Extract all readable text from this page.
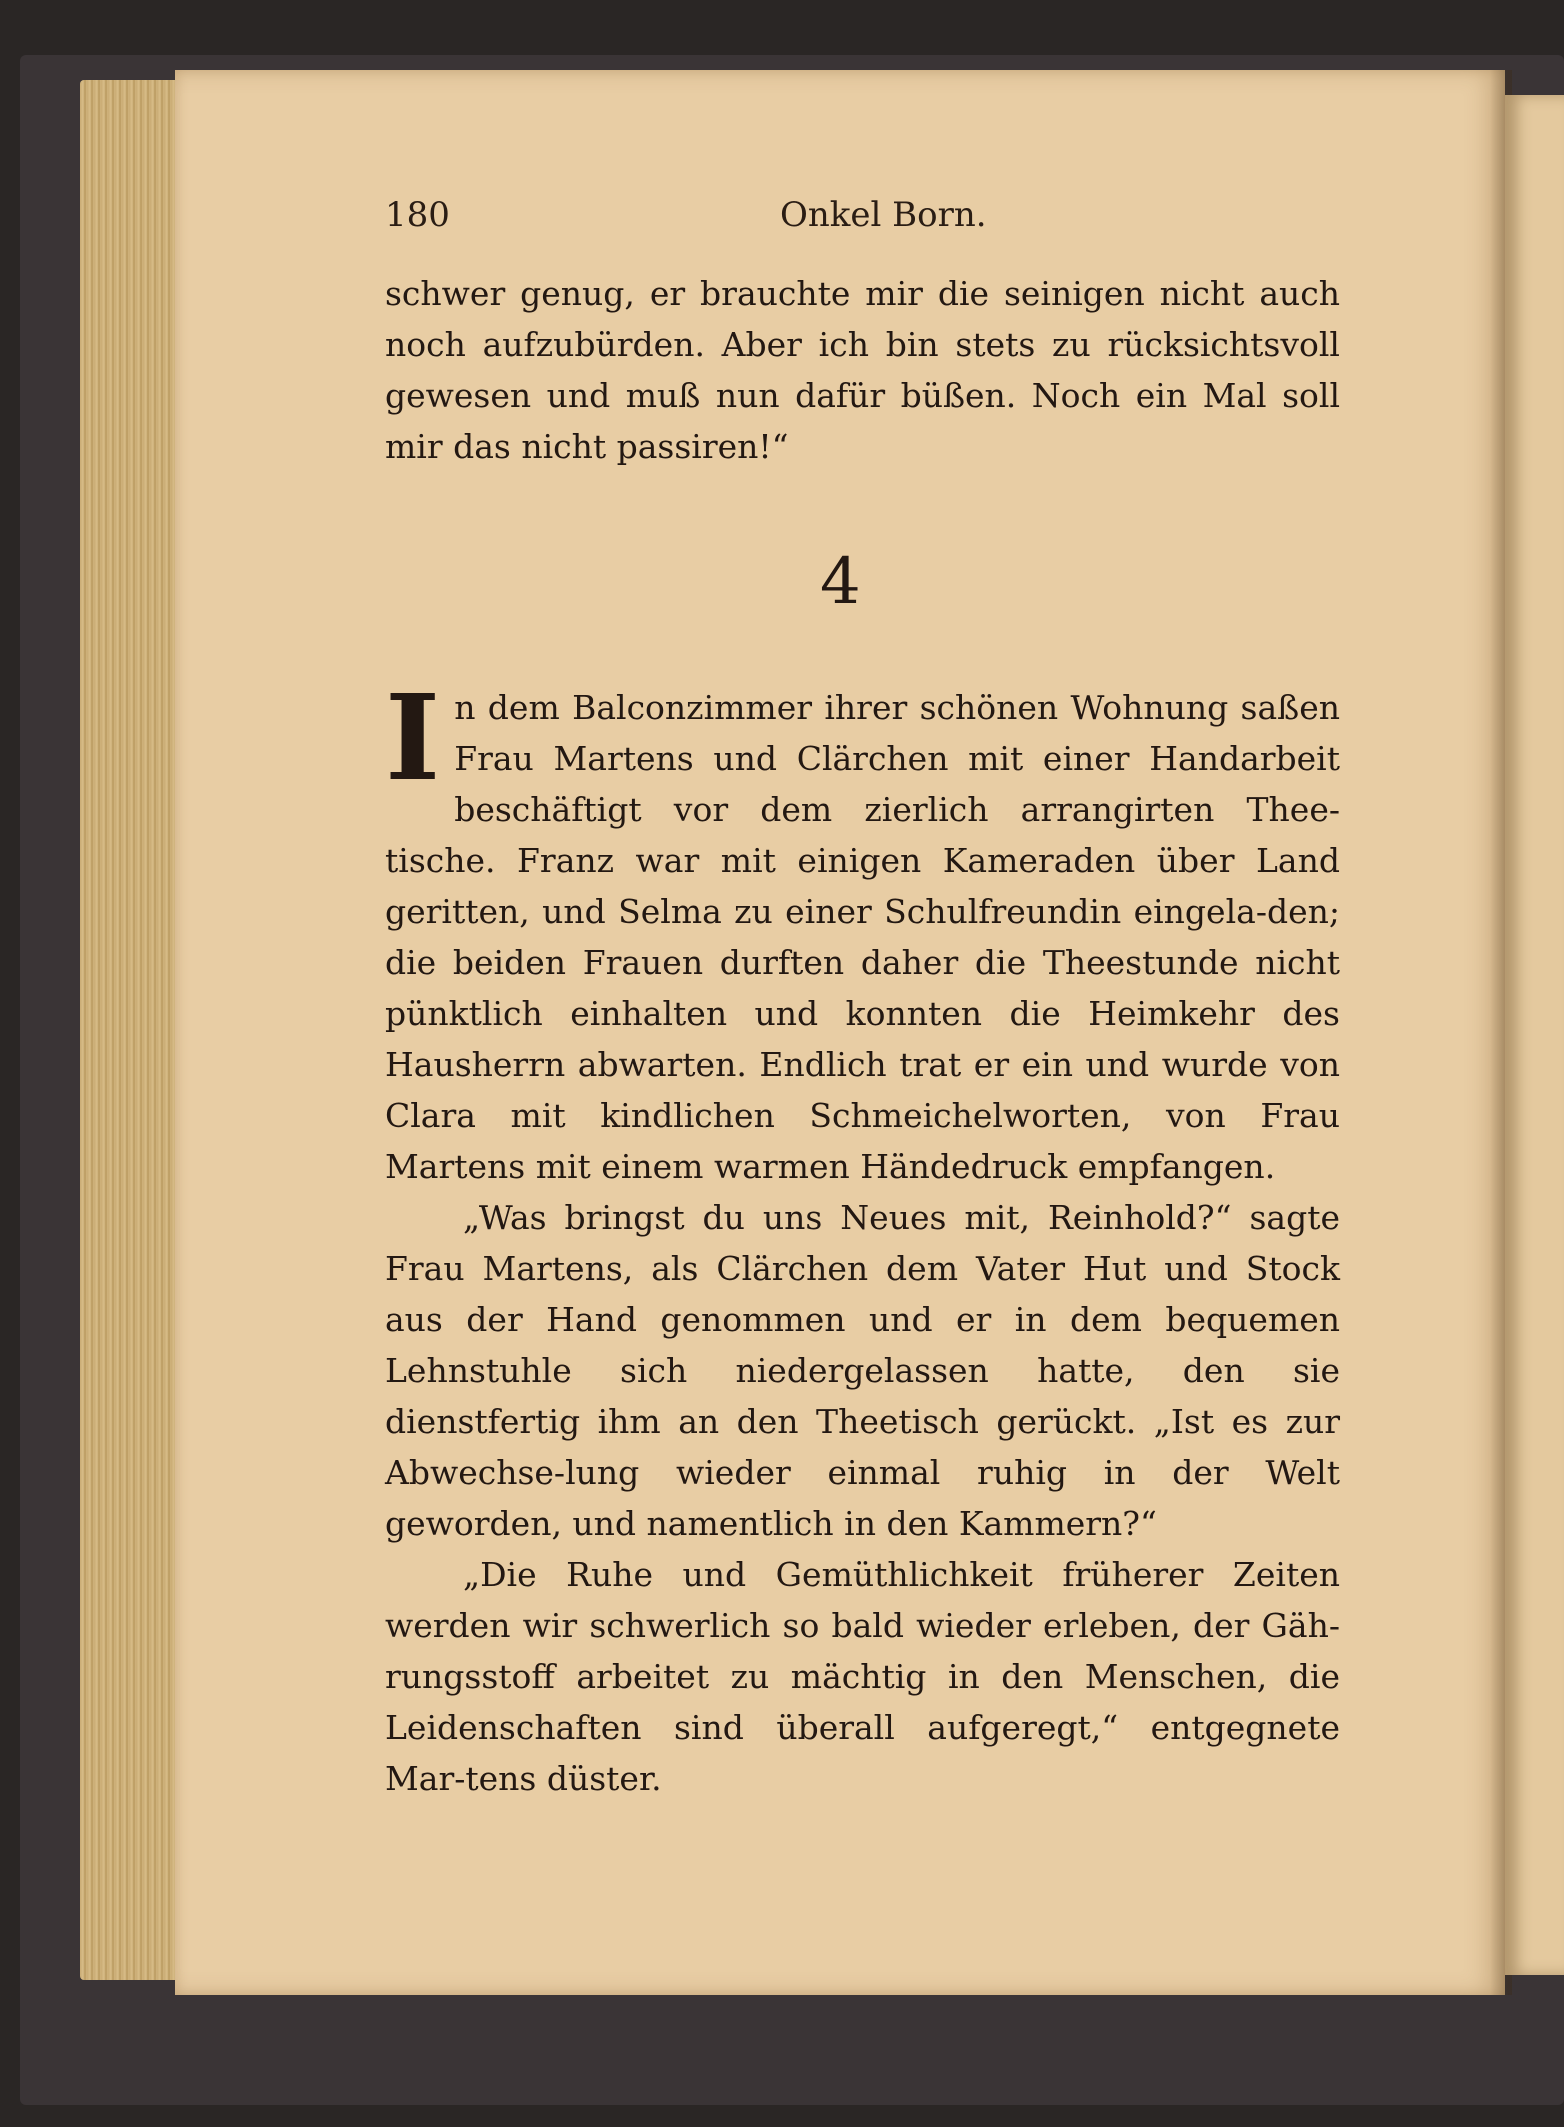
180	Onkel Born.

schwer genug, er brauchte mir die seinigen nicht auch noch aufzubürden. Aber ich bin stets zu rücksichtsvoll gewesen und muß nun dafür büßen. Noch ein Mal soll mir das nicht passiren!“

4

In dem Balconzimmer ihrer schönen Wohnung saßen Frau Martens und Clärchen mit einer Handarbeit beschäftigt vor dem zierlich arrangirten Thee-tische. Franz war mit einigen Kameraden über Land geritten, und Selma zu einer Schulfreundin eingela-den; die beiden Frauen durften daher die Theestunde nicht pünktlich einhalten und konnten die Heimkehr des Hausherrn abwarten. Endlich trat er ein und wurde von Clara mit kindlichen Schmeichelworten, von Frau Martens mit einem warmen Händedruck empfangen.

„Was bringst du uns Neues mit, Reinhold?“ sagte Frau Martens, als Clärchen dem Vater Hut und Stock aus der Hand genommen und er in dem bequemen Lehnstuhle sich niedergelassen hatte, den sie dienstfertig ihm an den Theetisch gerückt. „Ist es zur Abwechse-lung wieder einmal ruhig in der Welt geworden, und namentlich in den Kammern?“

„Die Ruhe und Gemüthlichkeit früherer Zeiten werden wir schwerlich so bald wieder erleben, der Gäh-rungsstoff arbeitet zu mächtig in den Menschen, die Leidenschaften sind überall aufgeregt,“ entgegnete Mar-tens düster.
